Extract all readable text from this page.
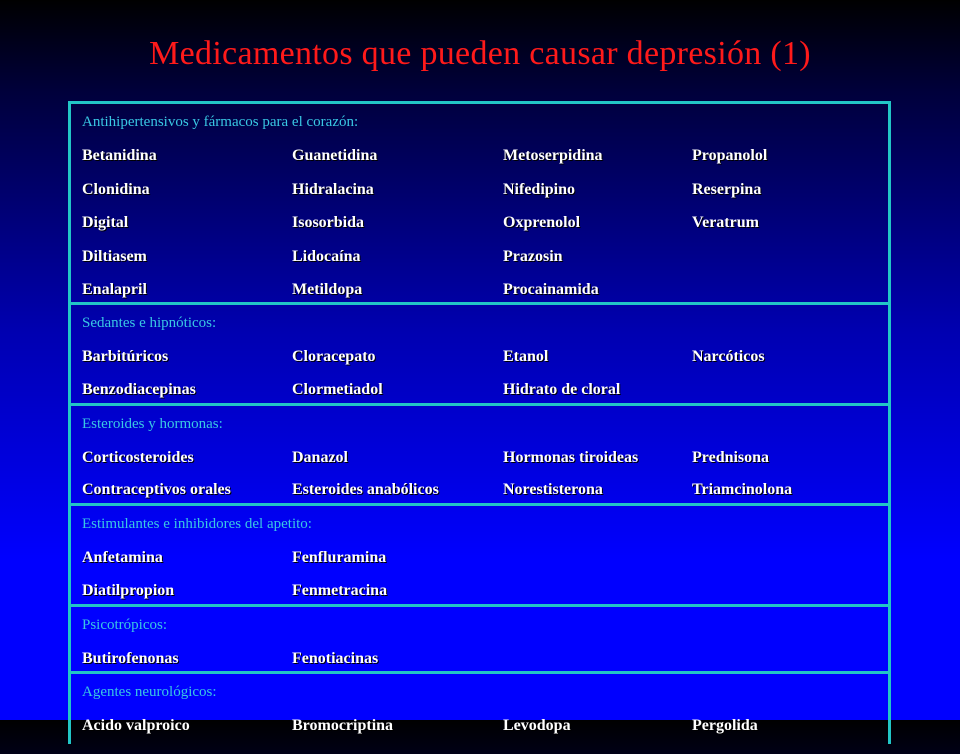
Medicamentos que pueden causar depresión (1)
Antihipertensivos y fármacos para el corazón:
Betanidina	Guanetidina	Metoserpidina	Propanolol
Clonidina	Hidralacina	Nifedipino	Reserpina
Digital	Isosorbida	Oxprenolol	Veratrum
Diltiasem	Lidocaína	Prazosin
Enalapril	Metildopa	Procainamida
Sedantes e hipnóticos:
Barbitúricos	Cloracepato	Etanol	Narcóticos
Benzodiacepinas	Clormetiadol	Hidrato de cloral
Esteroides y hormonas:
Corticosteroides	Danazol	Hormonas tiroideas	Prednisona
Contraceptivos orales	Esteroides anabólicos	Norestisterona	Triamcinolona
Estimulantes e inhibidores del apetito:
Anfetamina	Fenfluramina
Diatilpropion	Fenmetracina
Psicotrópicos:
Butirofenonas	Fenotiacinas
Agentes neurológicos:
Acido valproico	Bromocriptina	Levodopa	Pergolida
